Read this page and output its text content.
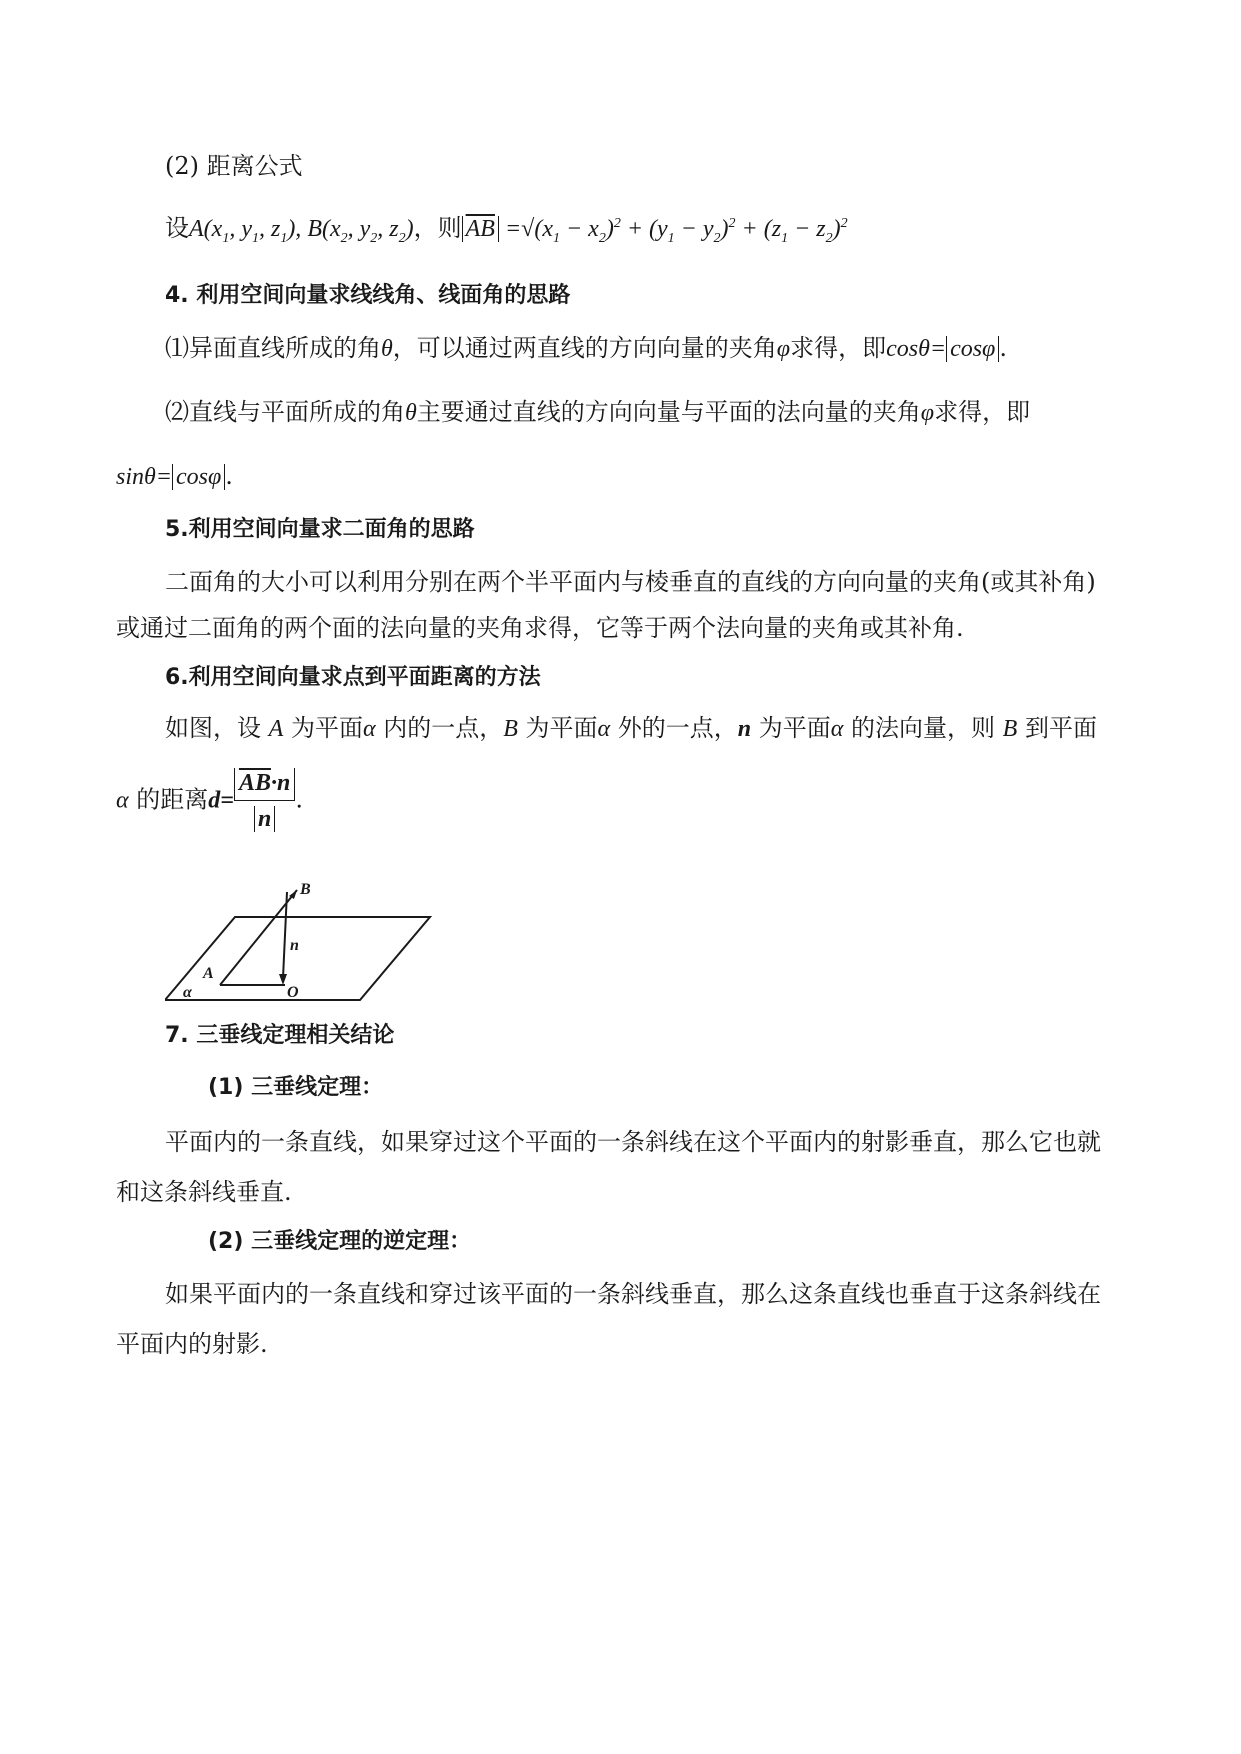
(2) 距离公式
设$A(x_1$, $y_1$, $z_1$), $B(x_2$, $y_2$, $z_2$)，则 $\overline{AB} =√(x_1 - x_2)^2 + (y_1 - y_2)^2 + (z_1 - z_2)^2$
4. 利用空间向量求线线角、线面角的思路
⑴异面直线所成的角θ，可以通过两直线的方向向量的夹角φ求得，即cosθ= cosφ .
⑵直线与平面所成的角θ主要通过直线的方向向量与平面的法向量的夹角φ求得，即
sinθ= cosφ .
5.利用空间向量求二面角的思路
二面角的大小可以利用分别在两个半平面内与棱垂直的直线的方向向量的夹角(或其补角)
或通过二面角的两个面的法向量的夹角求得，它等于两个法向量的夹角或其补角.
6.利用空间向量求点到平面距离的方法
如图，设 A 为平面α 内的一点，B 为平面α 外的一点，n 为平面α 的法向量，则 B 到平面
α 的距离$d= \frac{\overline{AB}\cdot n}{n}$ .
B
n
A
O
α
7. 三垂线定理相关结论
(1) 三垂线定理：
平面内的一条直线，如果穿过这个平面的一条斜线在这个平面内的射影垂直，那么它也就
和这条斜线垂直.
(2) 三垂线定理的逆定理：
如果平面内的一条直线和穿过该平面的一条斜线垂直，那么这条直线也垂直于这条斜线在
平面内的射影.
